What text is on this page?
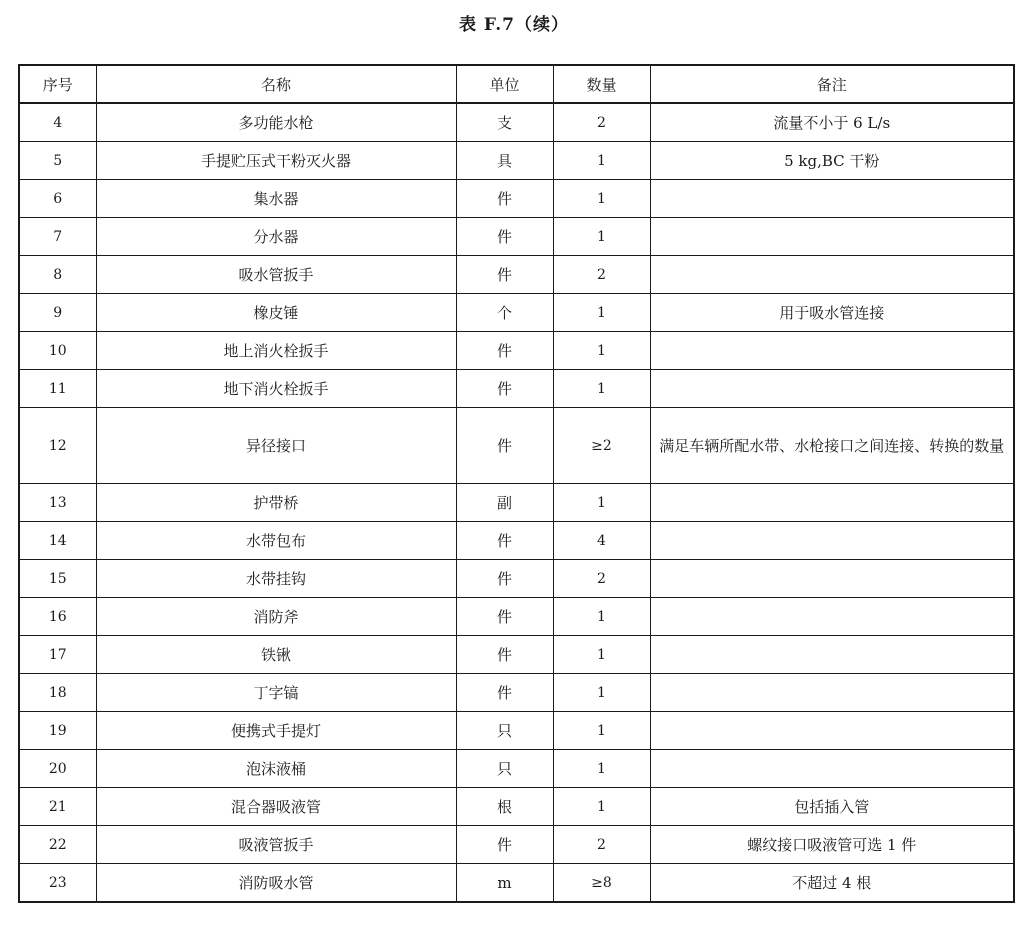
表 F.7（续）
序号	名称	单位	数量	备注
4	多功能水枪	支	2	流量不小于 6 L/s
5	手提贮压式干粉灭火器	具	1	5 kg,BC 干粉
6	集水器	件	1	
7	分水器	件	1	
8	吸水管扳手	件	2	
9	橡皮锤	个	1	用于吸水管连接
10	地上消火栓扳手	件	1	
11	地下消火栓扳手	件	1	
12	异径接口	件	≥2	满足车辆所配水带、水枪接口之间连接、转换的数量
13	护带桥	副	1	
14	水带包布	件	4	
15	水带挂钩	件	2	
16	消防斧	件	1	
17	铁锹	件	1	
18	丁字镐	件	1	
19	便携式手提灯	只	1	
20	泡沫液桶	只	1	
21	混合器吸液管	根	1	包括插入管
22	吸液管扳手	件	2	螺纹接口吸液管可选 1 件
23	消防吸水管	m	≥8	不超过 4 根
